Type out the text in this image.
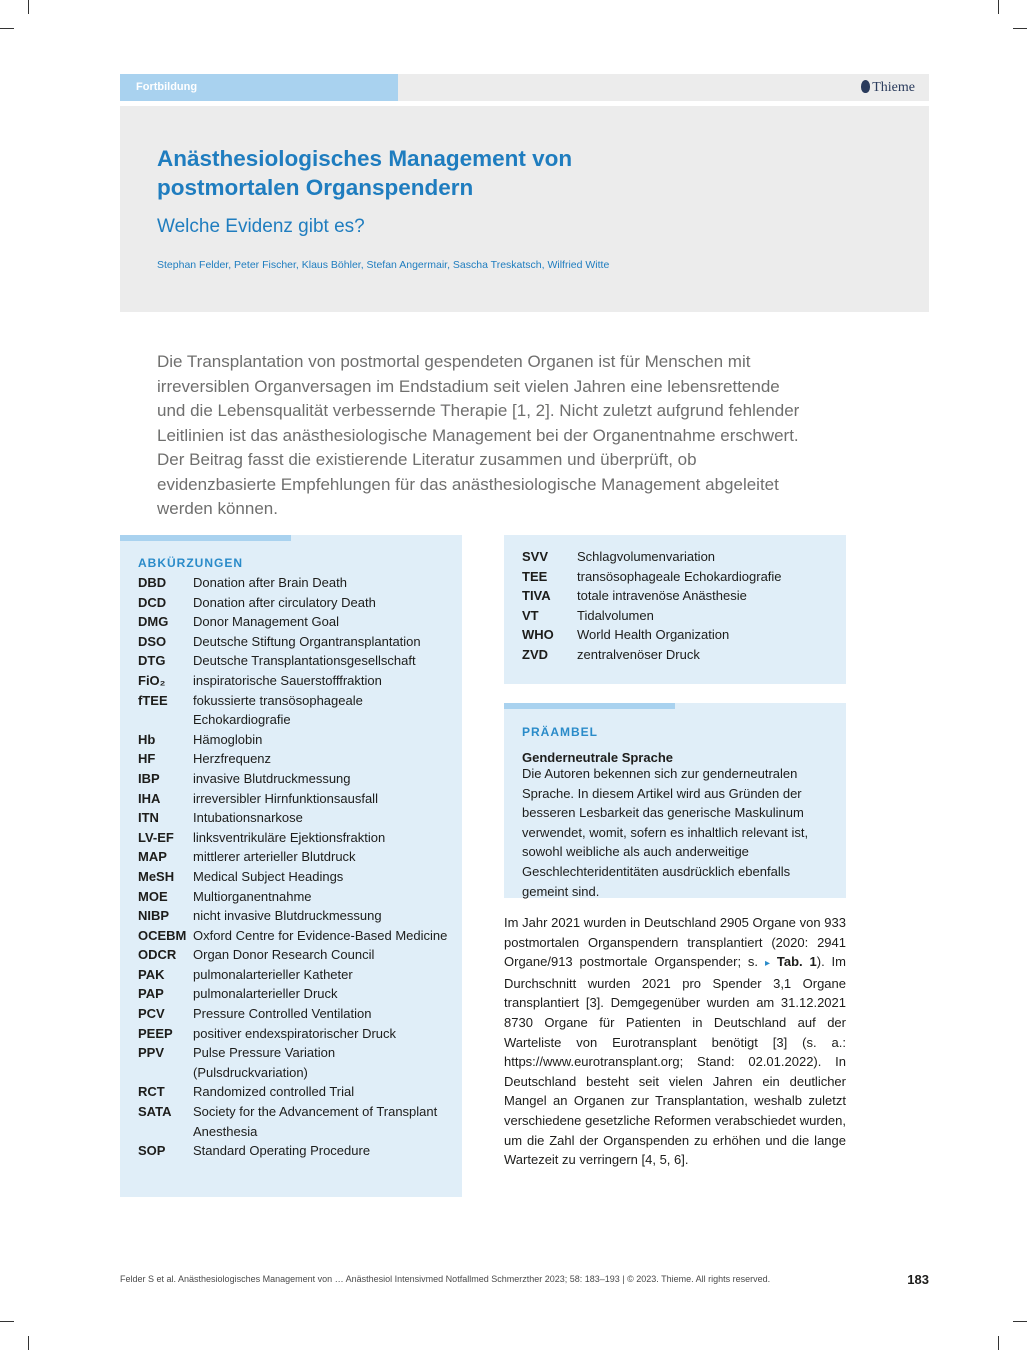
Fortbildung	Thieme
Anästhesiologisches Management von postmortalen Organspendern
Welche Evidenz gibt es?
Stephan Felder, Peter Fischer, Klaus Böhler, Stefan Angermair, Sascha Treskatsch, Wilfried Witte

Die Transplantation von postmortal gespendeten Organen ist für Menschen mit irreversiblen Organversagen im Endstadium seit vielen Jahren eine lebensrettende und die Lebensqualität verbessernde Therapie [1, 2]. Nicht zuletzt aufgrund fehlender Leitlinien ist das anästhesiologische Management bei der Organentnahme erschwert. Der Beitrag fasst die existierende Literatur zusammen und überprüft, ob evidenzbasierte Empfehlungen für das anästhesiologische Management abgeleitet werden können.

ABKÜRZUNGEN
DBD	Donation after Brain Death
DCD	Donation after circulatory Death
DMG	Donor Management Goal
DSO	Deutsche Stiftung Organtransplantation
DTG	Deutsche Transplantationsgesellschaft
FiO₂	inspiratorische Sauerstofffraktion
fTEE	fokussierte transösophageale Echokardiografie
Hb	Hämoglobin
HF	Herzfrequenz
IBP	invasive Blutdruckmessung
IHA	irreversibler Hirnfunktionsausfall
ITN	Intubationsnarkose
LV-EF	linksventrikuläre Ejektionsfraktion
MAP	mittlerer arterieller Blutdruck
MeSH	Medical Subject Headings
MOE	Multiorganentnahme
NIBP	nicht invasive Blutdruckmessung
OCEBM Oxford Centre for Evidence-Based Medicine
ODCR	Organ Donor Research Council
PAK	pulmonalarterieller Katheter
PAP	pulmonalarterieller Druck
PCV	Pressure Controlled Ventilation
PEEP	positiver endexspiratorischer Druck
PPV	Pulse Pressure Variation (Pulsdruckvariation)
RCT	Randomized controlled Trial
SATA	Society for the Advancement of Transplant Anesthesia
SOP	Standard Operating Procedure
SVV	Schlagvolumenvariation
TEE	transösophageale Echokardiografie
TIVA	totale intravenöse Anästhesie
VT	Tidalvolumen
WHO	World Health Organization
ZVD	zentralvenöser Druck
PRÄAMBEL
Genderneutrale Sprache

Die Autoren bekennen sich zur genderneutralen Sprache. In diesem Artikel wird aus Gründen der besseren Lesbarkeit das generische Maskulinum verwendet, womit, sofern es inhaltlich relevant ist, sowohl weibliche als auch anderweitige Geschlechteridentitäten ausdrücklich ebenfalls gemeint sind.

Im Jahr 2021 wurden in Deutschland 2905 Organe von 933 postmortalen Organspendern transplantiert (2020: 2941 Organe/913 postmortale Organspender; s. ▸ Tab. 1). Im Durchschnitt wurden 2021 pro Spender 3,1 Organe transplantiert [3]. Demgegenüber wurden am 31.12.2021 8730 Organe für Patienten in Deutschland auf der Warteliste von Eurotransplant benötigt [3] (s. a.: https://www.eurotransplant.org; Stand: 02.01.2022). In Deutschland besteht seit vielen Jahren ein deutlicher Mangel an Organen zur Transplantation, weshalb zuletzt verschiedene gesetzliche Reformen verabschiedet wurden, um die Zahl der Organspenden zu erhöhen und die lange Wartezeit zu verringern [4, 5, 6].

Felder S et al. Anästhesiologisches Management von … Anästhesiol Intensivmed Notfallmed Schmerzther 2023; 58: 183–193 | © 2023. Thieme. All rights reserved.	183
